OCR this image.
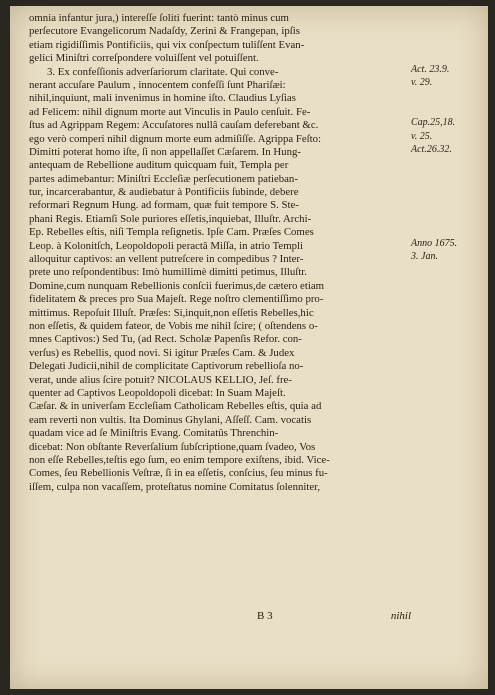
omnia infantur jura,) intereſſe ſoliti fuerint: tantò minus cum
perſecutore Evangelicorum Nadaſdy, Zerini & Frangepan, ipſis
etiam rigidiſſimis Pontificiis, qui vix conſpectum tuliſſent Evan-
gelici Miniſtri correſpondere voluiſſent vel potuiſſent.
3. Ex confeſſionis adverſariorum claritate. Qui conve-
nerant accuſare Paulum , innocentem confeſſi ſunt Phariſæi:
nihil,inquiunt, mali invenimus in homine iſto. Claudius Lyſias
ad Felicem: nihil dignum morte aut Vinculis in Paulo cenſuit. Fe-
ſtus ad Agrippam Regem: Accuſatores nullâ cauſam deferebant &c.
ego verò comperi nihil dignum morte eum admiſiſſe. Agrippa Feſto:
Dimitti poterat homo iſte, ſi non appellaſſet Cæſarem. In Hung-
antequam de Rebellione auditum quicquam fuit, Templa per
partes adimebantur: Miniſtri Eccleſiæ perſecutionem patieban-
tur, incarcerabantur, & audiebatur à Pontificiis ſubinde, debere
reformari Regnum Hung. ad formam, quæ fuit tempore S. Ste-
phani Regis. Etiamſi Sole puriores eſſetis,inquiebat, Illuſtr. Archi-
Ep. Rebelles eſtis, niſi Templa reſignetis. Ipſe Cam. Præſes Comes
Leop. à Kolonitſch, Leopoldopoli peractâ Miſſa, in atrio Templi
alloquitur captivos: an vellent putreſcere in compedibus ? Inter-
prete uno reſpondentibus: Imò humillimè dimitti petimus, Illuſtr.
Domine,cum nunquam Rebellionis conſcii fuerimus,de cætero etiam
fidelitatem & preces pro Sua Majeſt. Rege noſtro clementiſſimo pro-
mittimus. Repoſuit Illuſt. Præſes: Si,inquit,non eſſetis Rebelles,hic
non eſſetis, & quidem fateor, de Vobis me nihil ſcire; ( oſtendens o-
mnes Captivos:) Sed Tu, (ad Rect. Scholæ Papenſis Refor. con-
verſus) es Rebellis, quod novi. Si igitur Præſes Cam. & Judex
Delegati Judicii,nihil de complicitate Captivorum rebellioſa no-
verat, unde alius ſcire potuit? NICOLAUS KELLIO, Jeſ. fre-
quenter ad Captivos Leopoldopoli dicebat: In Suam Majeſt.
Cæſar. & in univerſam Eccleſiam Catholicam Rebelles eſtis, quia ad
eam reverti non vultis. Ita Dominus Ghylani, Aſſeſſ. Cam. vocatis
quadam vice ad ſe Miniſtris Evang. Comitatûs Threnchin-
dicebat: Non obſtante Reverſalium ſubſcriptione,quam ſvadeo, Vos
non eſſe Rebelles,teſtis ego ſum, eo enim tempore exiſtens, ibid. Vice-
Comes, ſeu Rebellionis Veſtræ, ſi in ea eſſetis, conſcius, ſeu minus fu-
iſſem, culpa non vacaſſem, proteſtatus nomine Comitatus ſolenniter,
Act. 23.9.
v. 29.
Cap.25,18.
v. 25.
Act.26.32.
Anno 1675.
3. Jan.
B 3	nihil
